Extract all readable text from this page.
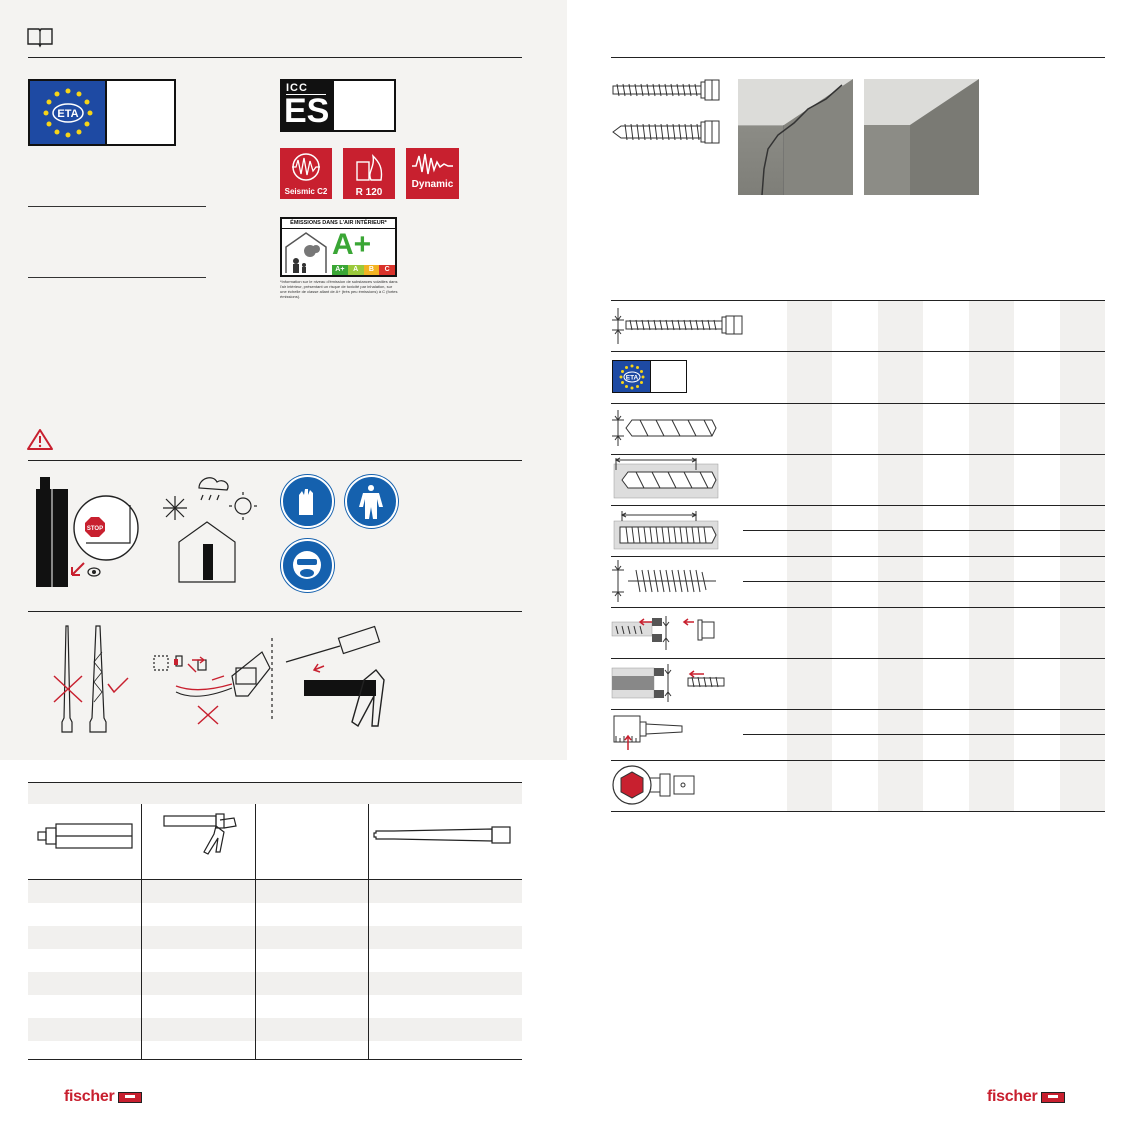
ETA
ICC
ES
Seismic C2	R 120
Dynamic
ÉMISSIONS DANS L'AIR INTÉRIEUR*
A+
A+	A	B	C
*Information sur le niveau d'émission de substances volatiles dans l'air intérieur, présentant un risque de toxicité par inhalation, sur une échelle de classe allant de A+ (très peu émissions) à C (fortes émissions).
STOP
fischer
ETA
fischer
